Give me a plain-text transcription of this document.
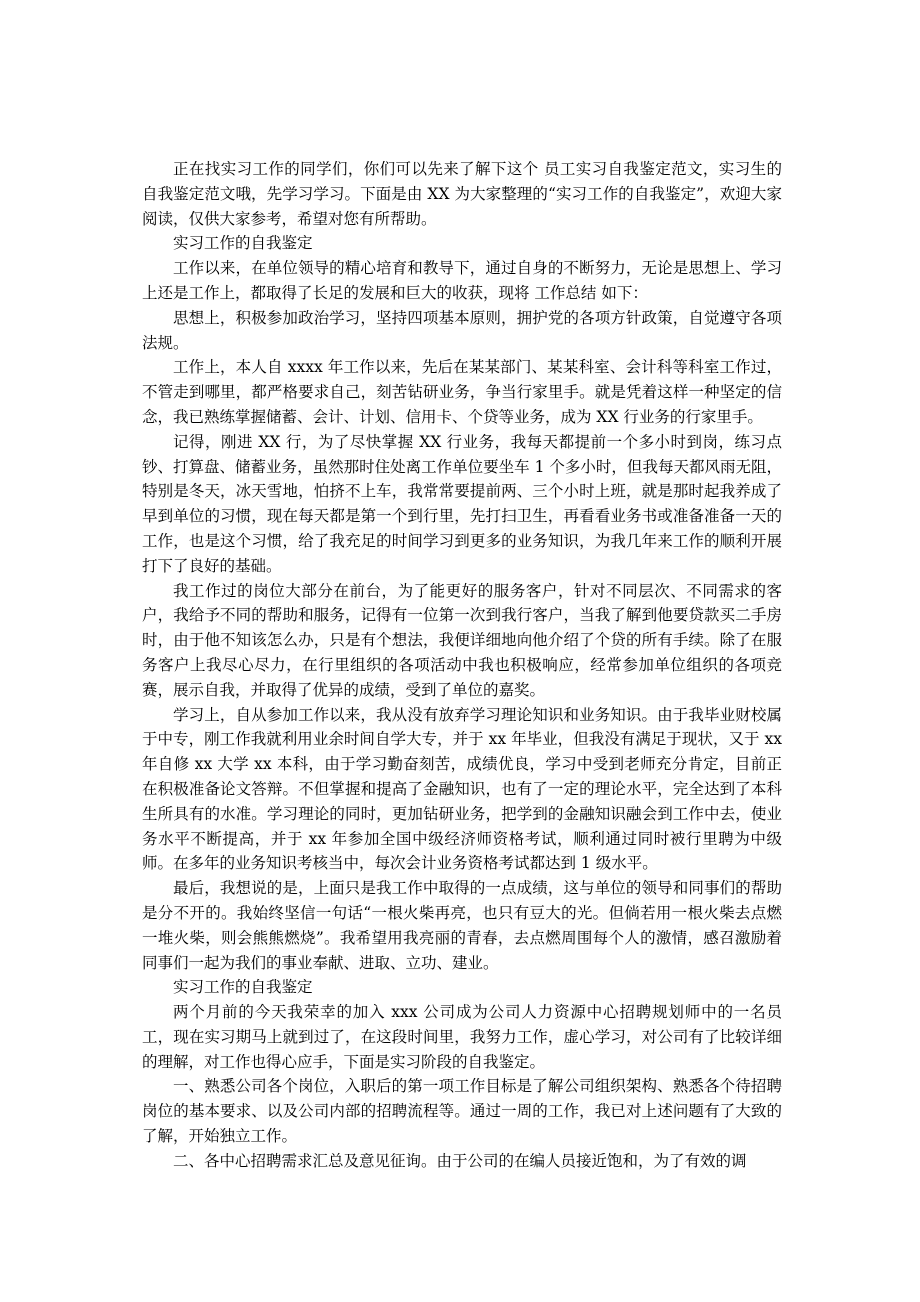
正在找实习工作的同学们，你们可以先来了解下这个 员工实习自我鉴定范文，实习生的自我鉴定范文哦，先学习学习。下面是由 XX 为大家整理的“实习工作的自我鉴定”，欢迎大家阅读，仅供大家参考，希望对您有所帮助。

实习工作的自我鉴定

工作以来，在单位领导的精心培育和教导下，通过自身的不断努力，无论是思想上、学习上还是工作上，都取得了长足的发展和巨大的收获，现将 工作总结 如下：

思想上，积极参加政治学习，坚持四项基本原则，拥护党的各项方针政策，自觉遵守各项法规。

工作上，本人自 xxxx 年工作以来，先后在某某部门、某某科室、会计科等科室工作过，不管走到哪里，都严格要求自己，刻苦钻研业务，争当行家里手。就是凭着这样一种坚定的信念，我已熟练掌握储蓄、会计、计划、信用卡、个贷等业务，成为 XX 行业务的行家里手。

记得，刚进 XX 行，为了尽快掌握 XX 行业务，我每天都提前一个多小时到岗，练习点钞、打算盘、储蓄业务，虽然那时住处离工作单位要坐车 1 个多小时，但我每天都风雨无阻，特别是冬天，冰天雪地，怕挤不上车，我常常要提前两、三个小时上班，就是那时起我养成了早到单位的习惯，现在每天都是第一个到行里，先打扫卫生，再看看业务书或准备准备一天的工作，也是这个习惯，给了我充足的时间学习到更多的业务知识，为我几年来工作的顺利开展打下了良好的基础。

我工作过的岗位大部分在前台，为了能更好的服务客户，针对不同层次、不同需求的客户，我给予不同的帮助和服务，记得有一位第一次到我行客户，当我了解到他要贷款买二手房时，由于他不知该怎么办，只是有个想法，我便详细地向他介绍了个贷的所有手续。除了在服务客户上我尽心尽力，在行里组织的各项活动中我也积极响应，经常参加单位组织的各项竞赛，展示自我，并取得了优异的成绩，受到了单位的嘉奖。

学习上，自从参加工作以来，我从没有放弃学习理论知识和业务知识。由于我毕业财校属于中专，刚工作我就利用业余时间自学大专，并于 xx 年毕业，但我没有满足于现状，又于 xx 年自修 xx 大学 xx 本科，由于学习勤奋刻苦，成绩优良，学习中受到老师充分肯定，目前正在积极准备论文答辩。不但掌握和提高了金融知识，也有了一定的理论水平，完全达到了本科生所具有的水准。学习理论的同时，更加钻研业务，把学到的金融知识融会到工作中去，使业务水平不断提高，并于 xx 年参加全国中级经济师资格考试，顺利通过同时被行里聘为中级师。在多年的业务知识考核当中，每次会计业务资格考试都达到 1 级水平。

最后，我想说的是，上面只是我工作中取得的一点成绩，这与单位的领导和同事们的帮助是分不开的。我始终坚信一句话“一根火柴再亮，也只有豆大的光。但倘若用一根火柴去点燃一堆火柴，则会熊熊燃烧”。我希望用我亮丽的青春，去点燃周围每个人的激情，感召激励着同事们一起为我们的事业奉献、进取、立功、建业。

实习工作的自我鉴定

两个月前的今天我荣幸的加入 xxx 公司成为公司人力资源中心招聘规划师中的一名员工，现在实习期马上就到过了，在这段时间里，我努力工作，虚心学习，对公司有了比较详细的理解，对工作也得心应手，下面是实习阶段的自我鉴定。

一、熟悉公司各个岗位，入职后的第一项工作目标是了解公司组织架构、熟悉各个待招聘岗位的基本要求、以及公司内部的招聘流程等。通过一周的工作，我已对上述问题有了大致的了解，开始独立工作。

二、各中心招聘需求汇总及意见征询。由于公司的在编人员接近饱和，为了有效的调
